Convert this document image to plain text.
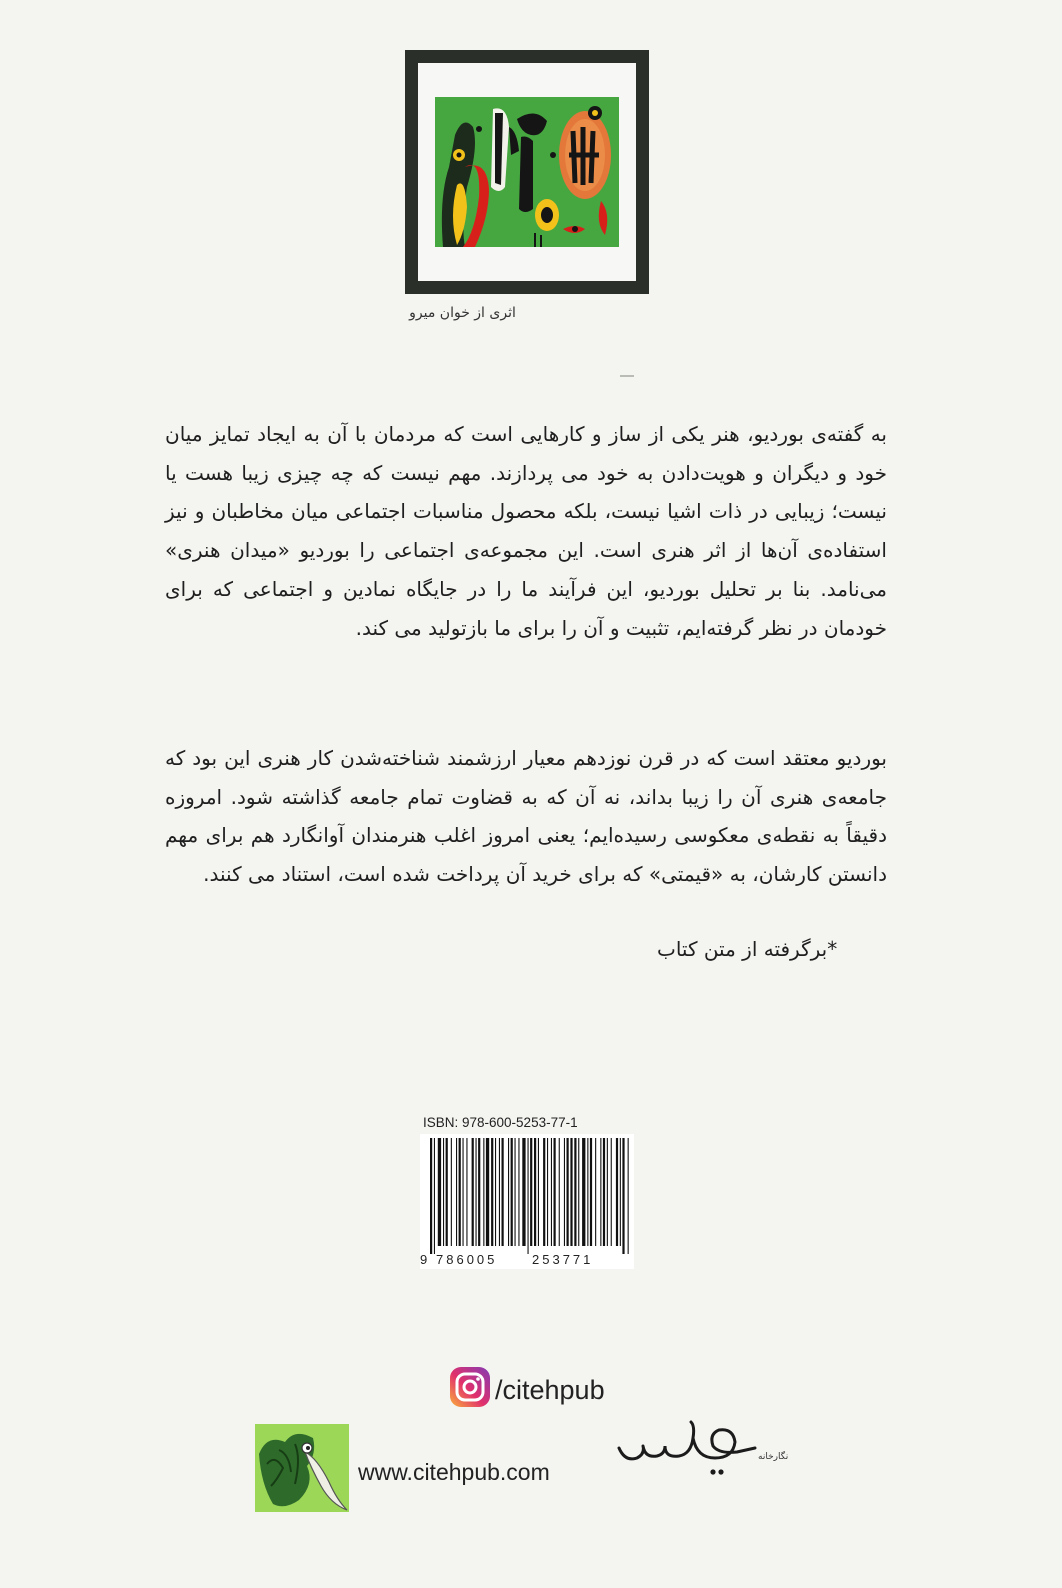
اثری از خوان میرو
به گفته‌ی بوردیو، هنر یکی از ساز و کارهایی است که مردمان با آن به ایجاد تمایز میان خود و دیگران و هویت‌دادن به خود می پردازند. مهم نیست که چه چیزی زیبا هست یا نیست؛ زیبایی در ذات اشیا نیست، بلکه محصول مناسبات اجتماعی میان مخاطبان و نیز استفاده‌ی آن‌ها از اثر هنری است. این مجموعه‌ی اجتماعی را بوردیو «میدان هنری» می‌نامد. بنا بر تحلیل بوردیو، این فرآیند ما را در جایگاه نمادین و اجتماعی که برای خودمان در نظر گرفته‌ایم، تثبیت و آن را برای ما بازتولید می کند.
بوردیو معتقد است که در قرن نوزدهم معیار ارزشمند شناخته‌شدن کار هنری این بود که جامعه‌ی هنری آن را زیبا بداند، نه آن که به قضاوت تمام جامعه گذاشته شود. امروزه دقیقاً به نقطه‌ی معکوسی رسیده‌ایم؛ یعنی امروز اغلب هنرمندان آوانگارد هم برای مهم دانستن کارشان، به «قیمتی» که برای خرید آن پرداخت شده است، استناد می کنند.
*برگرفته از متن کتاب
ISBN: 978-600-5253-77-1
9 786005	253771
/citehpub
www.citehpub.com
نگارخانه
